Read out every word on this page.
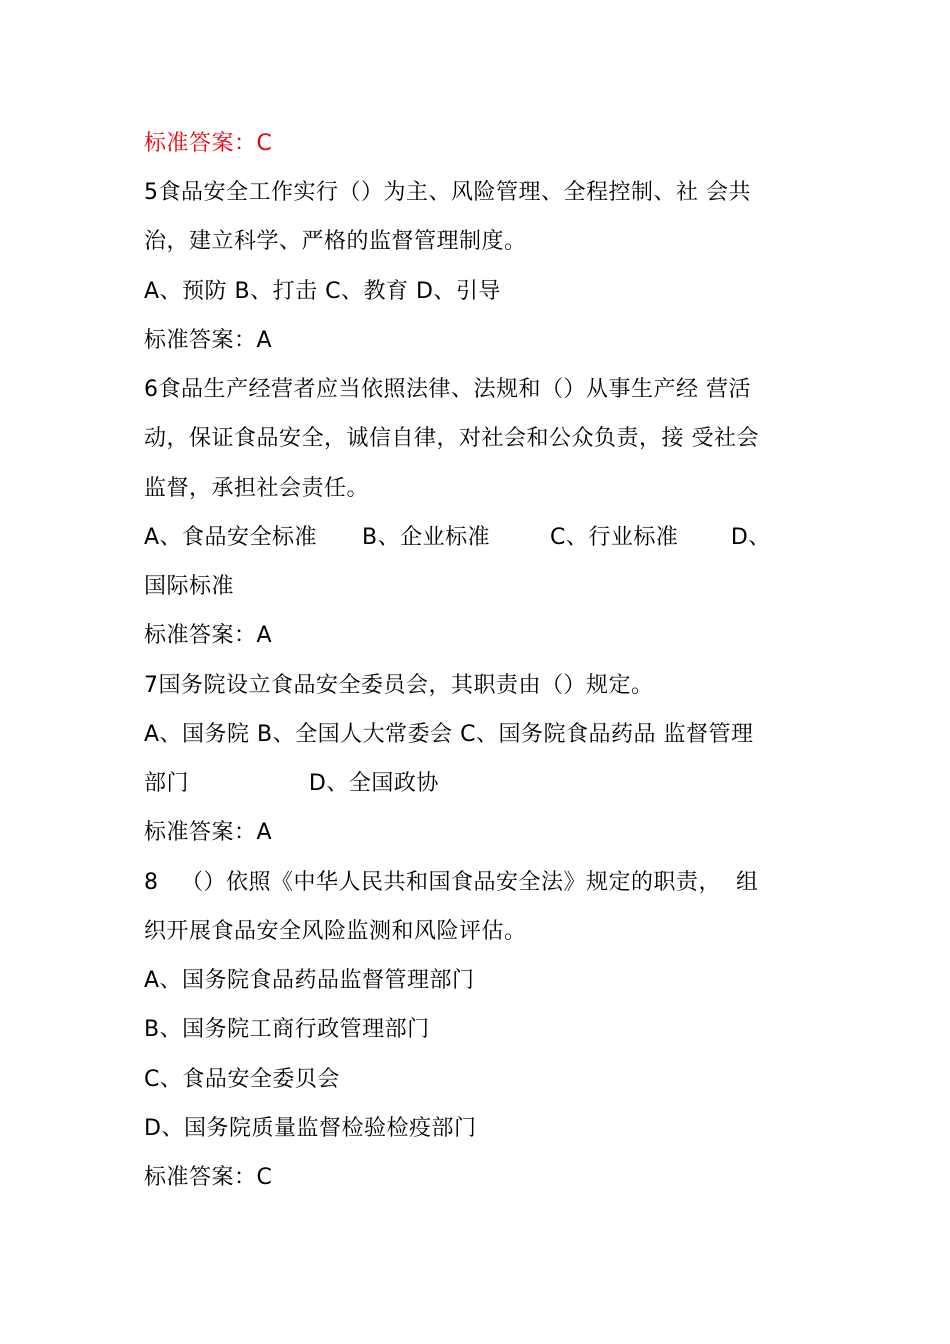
标准答案：C
5食品安全工作实行（）为主、风险管理、全程控制、社 会共
治，建立科学、严格的监督管理制度。
A、预防 B、打击 C、教育 D、引导
标准答案：A
6食品生产经营者应当依照法律、法规和（）从事生产经 营活
动，保证食品安全，诚信自律，对社会和公众负责，接 受社会
监督，承担社会责任。
A、食品安全标准      B、企业标准        C、行业标准       D、
国际标准
标准答案：A
7国务院设立食品安全委员会，其职责由（）规定。
A、国务院 B、全国人大常委会 C、国务院食品药品 监督管理
部门                D、全国政协
标准答案：A
8   （）依照《中华人民共和国食品安全法》规定的职责，  组
织开展食品安全风险监测和风险评估。
A、国务院食品药品监督管理部门
B、国务院工商行政管理部门
C、食品安全委贝会
D、国务院质量监督检验检疫部门
标准答案：C
